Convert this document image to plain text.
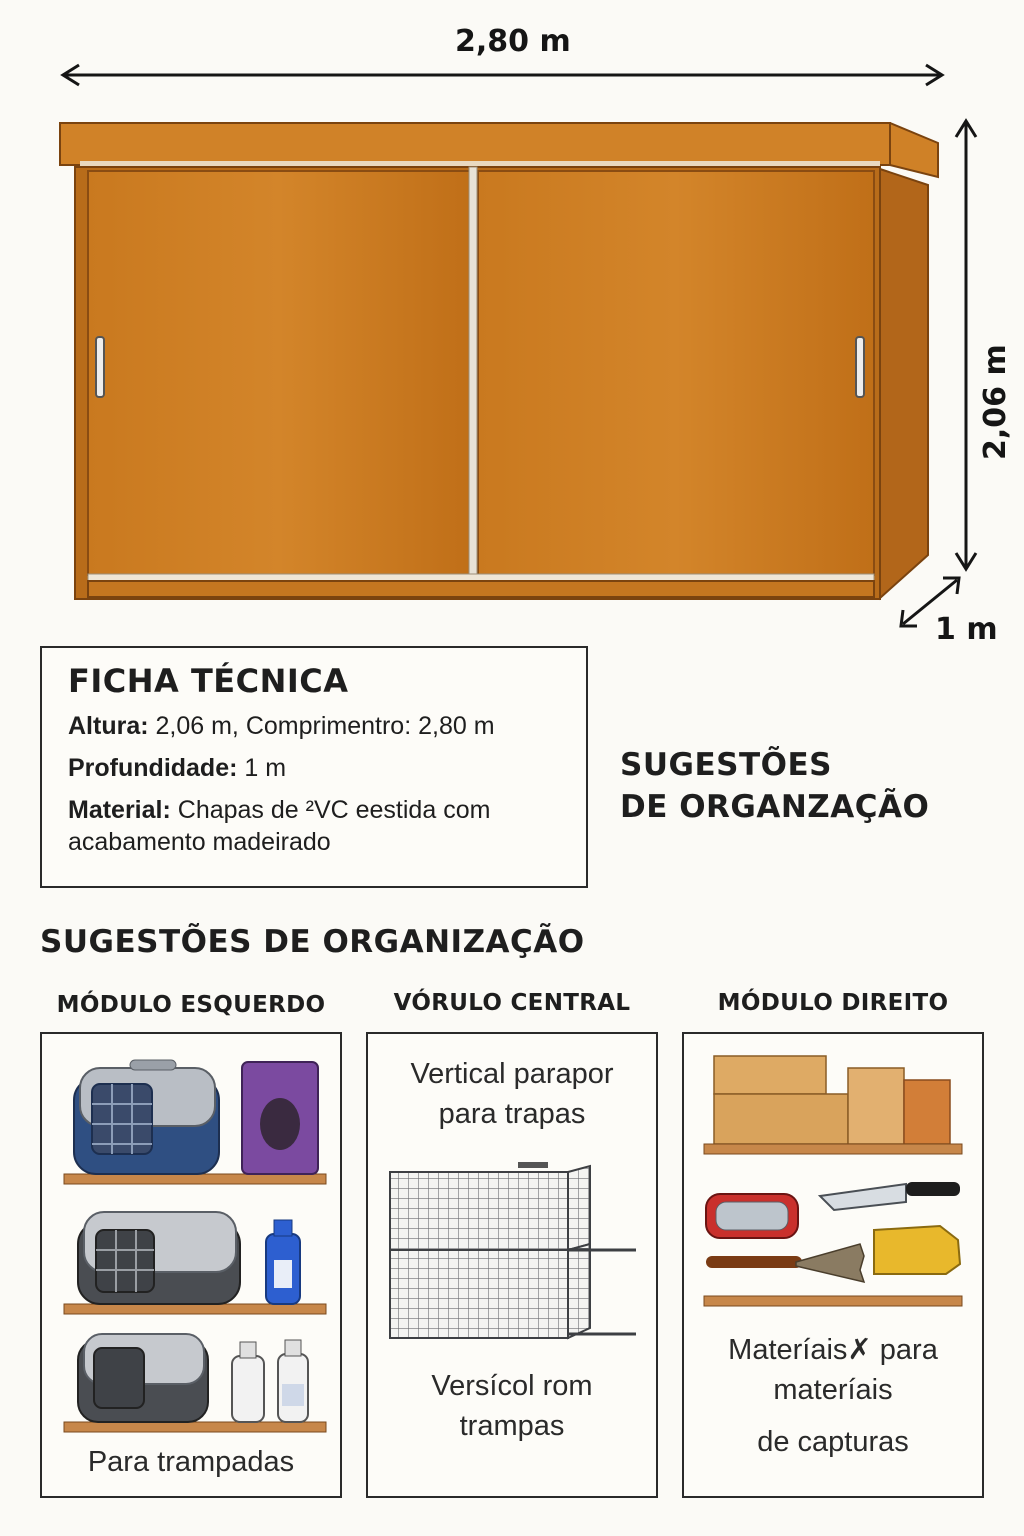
2,80 m
2,06 m
1 m
FICHA TÉCNICA

Altura: 2,06 m, Comprimentro: 2,80 m

Profundidade: 1 m

Material: Chapas de ²VC eestida com

acabamento madeirado

SUGESTÕES
DE ORGANZAÇÃO
SUGESTÕES DE ORGANIZAÇÃO
MÓDULO ESQUERDO	VÓRULO CENTRAL	MÓDULO DIREITO
Para trampadas
Vertical parapor
para trapas
Versícol rom
trampas
Materíais✗ para
materíais
de capturas
